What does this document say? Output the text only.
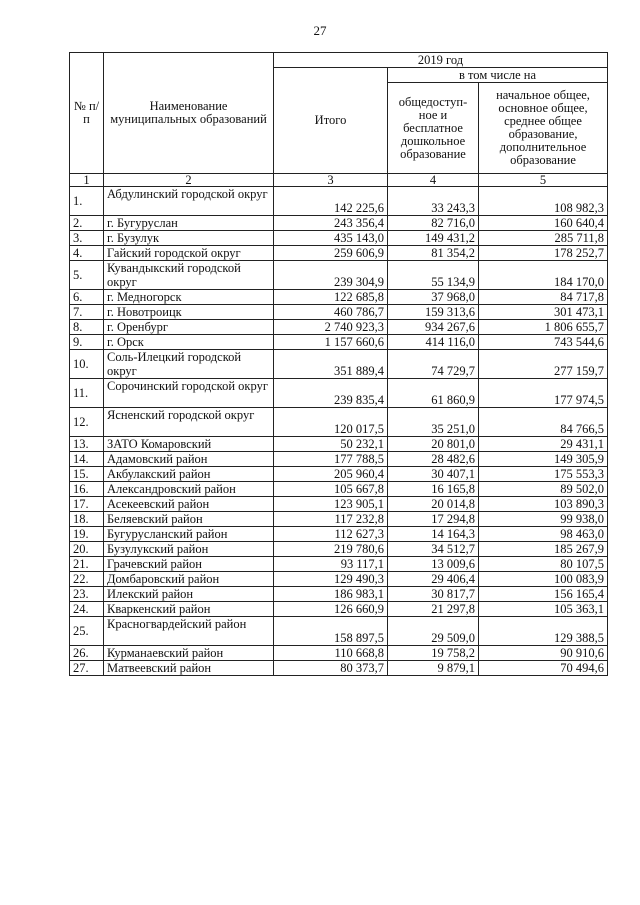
27
№ п/п	Наименование муниципальных образований	2019 год		
		Итого	в том числе на	
			общедоступ-ное и бесплатное дошкольное образование	начальное общее, основное общее, среднее общее образование, дополнительное образование
1	2	3	4	5
1.	Абдулинский городской округ	142 225,6	33 243,3	108 982,3
2.	г. Бугуруслан	243 356,4	82 716,0	160 640,4
3.	г. Бузулук	435 143,0	149 431,2	285 711,8
4.	Гайский городской округ	259 606,9	81 354,2	178 252,7
5.	Кувандыкский городской округ	239 304,9	55 134,9	184 170,0
6.	г. Медногорск	122 685,8	37 968,0	84 717,8
7.	г. Новотроицк	460 786,7	159 313,6	301 473,1
8.	г. Оренбург	2 740 923,3	934 267,6	1 806 655,7
9.	г. Орск	1 157 660,6	414 116,0	743 544,6
10.	Соль-Илецкий городской округ	351 889,4	74 729,7	277 159,7
11.	Сорочинский городской округ	239 835,4	61 860,9	177 974,5
12.	Ясненский городской округ	120 017,5	35 251,0	84 766,5
13.	ЗАТО Комаровский	50 232,1	20 801,0	29 431,1
14.	Адамовский район	177 788,5	28 482,6	149 305,9
15.	Акбулакский район	205 960,4	30 407,1	175 553,3
16.	Александровский район	105 667,8	16 165,8	89 502,0
17.	Асекеевский район	123 905,1	20 014,8	103 890,3
18.	Беляевский район	117 232,8	17 294,8	99 938,0
19.	Бугурусланский район	112 627,3	14 164,3	98 463,0
20.	Бузулукский район	219 780,6	34 512,7	185 267,9
21.	Грачевский район	93 117,1	13 009,6	80 107,5
22.	Домбаровский район	129 490,3	29 406,4	100 083,9
23.	Илекский район	186 983,1	30 817,7	156 165,4
24.	Кваркенский район	126 660,9	21 297,8	105 363,1
25.	Красногвардейский район	158 897,5	29 509,0	129 388,5
26.	Курманаевский район	110 668,8	19 758,2	90 910,6
27.	Матвеевский район	80 373,7	9 879,1	70 494,6
